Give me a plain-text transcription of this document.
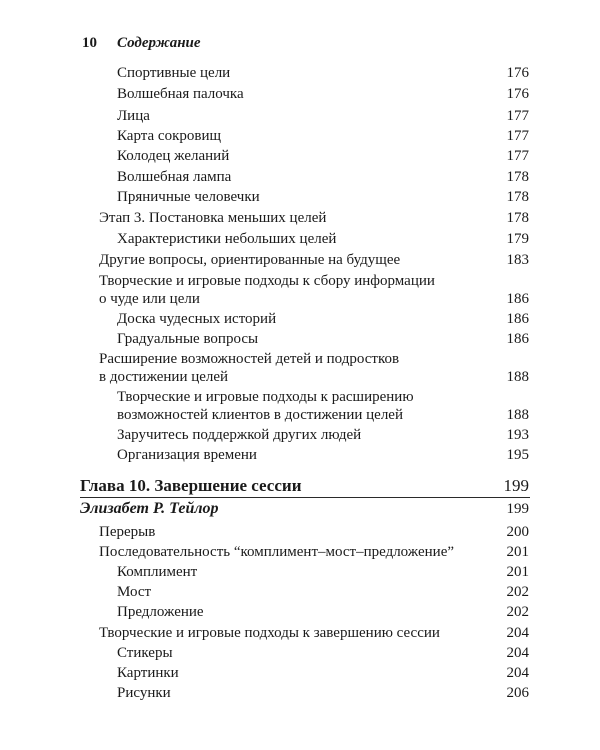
10 Содержание
Спортивные цели	176
Волшебная палочка	176
Лица	177
Карта сокровищ	177
Колодец желаний	177
Волшебная лампа	178
Пряничные человечки	178
Этап 3. Постановка меньших целей	178
Характеристики небольших целей	179
Другие вопросы, ориентированные на будущее	183
Творческие и игровые подходы к сбору информации
о чуде или цели	186
Доска чудесных историй	186
Градуальные вопросы	186
Расширение возможностей детей и подростков
в достижении целей	188
Творческие и игровые подходы к расширению
возможностей клиентов в достижении целей	188
Заручитесь поддержкой других людей	193
Организация времени	195
Глава 10. Завершение сессии	199
Элизабет Р. Тейлор	199
Перерыв	200
Последовательность “комплимент–мост–предложение”	201
Комплимент	201
Мост	202
Предложение	202
Творческие и игровые подходы к завершению сессии	204
Стикеры	204
Картинки	204
Рисунки	206
